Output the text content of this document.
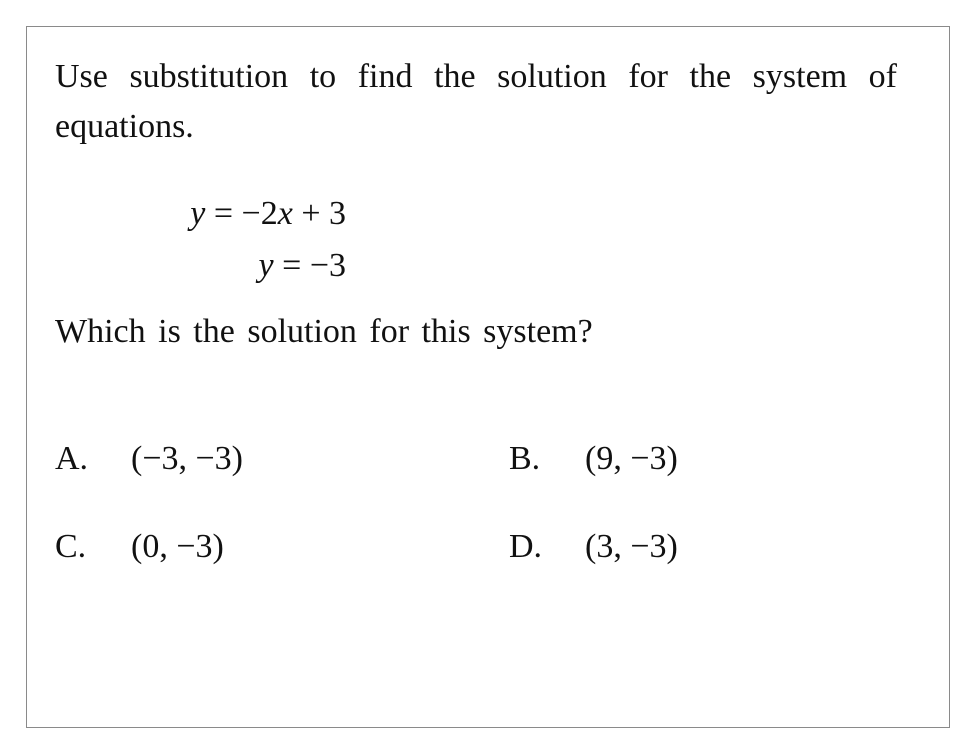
Use substitution to find the solution for the system of equations.
y = −2x + 3
y = −3
Which is the solution for this system?
A.	(−3, −3)	B.	(9, −3)
C.	(0, −3)	D.	(3, −3)
